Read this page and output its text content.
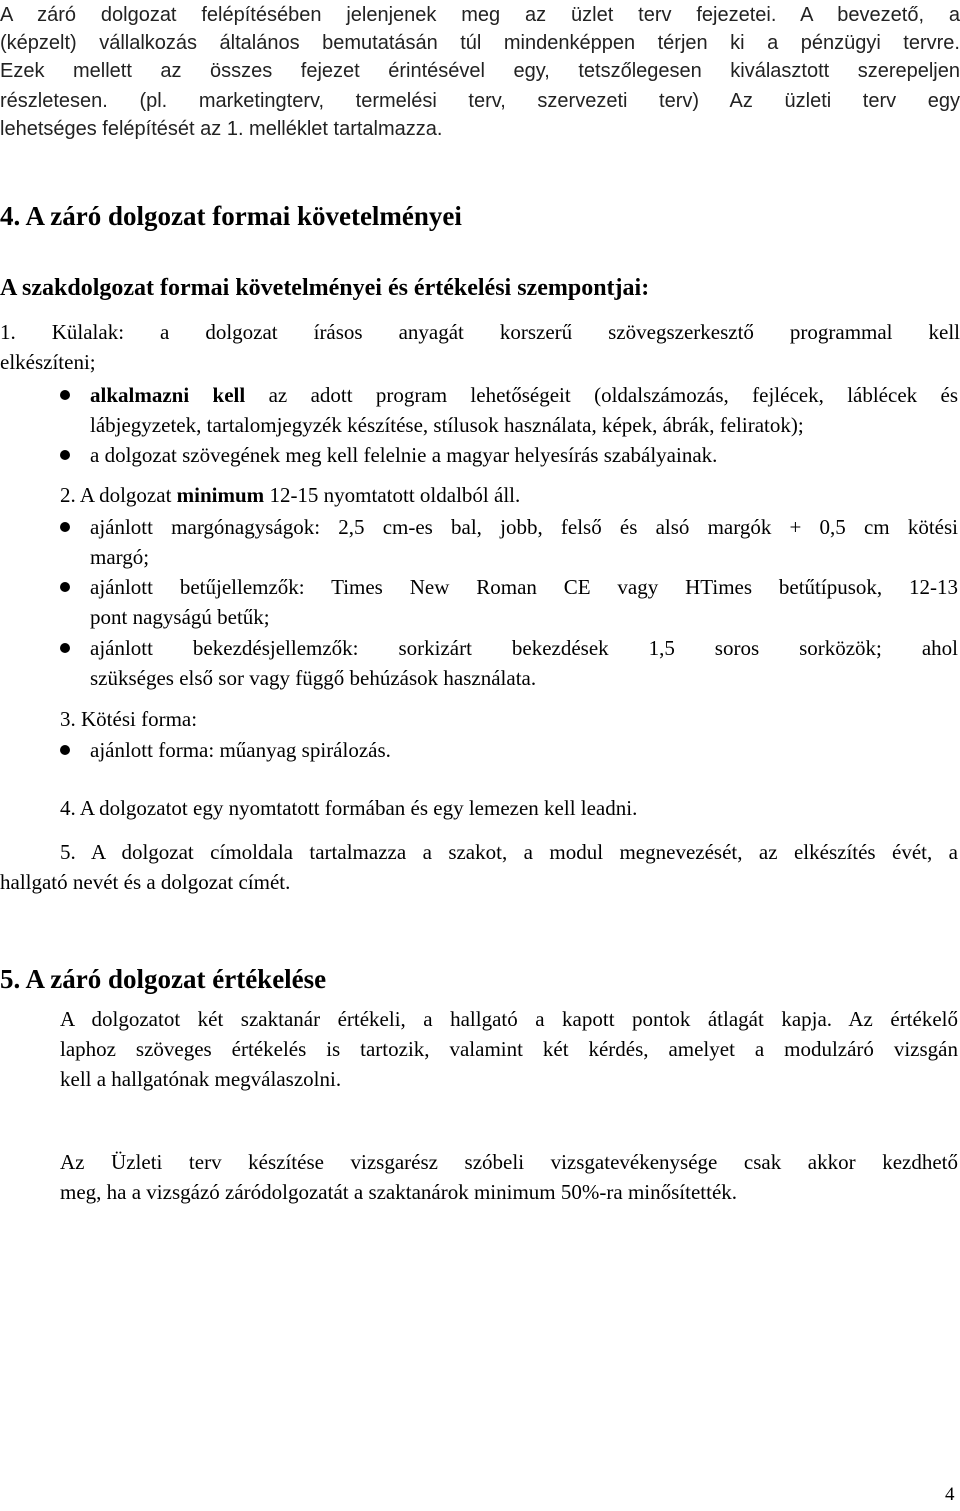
A záró dolgozat felépítésében jelenjenek meg az üzlet terv fejezetei. A bevezető, a
(képzelt) vállalkozás általános bemutatásán túl mindenképpen térjen ki a pénzügyi tervre.
Ezek mellett az összes fejezet érintésével egy, tetszőlegesen kiválasztott szerepeljen
részletesen. (pl. marketingterv, termelési terv, szervezeti terv) Az üzleti terv egy
lehetséges felépítését az 1. melléklet tartalmazza.
4. A záró dolgozat formai követelményei
A szakdolgozat formai követelményei és értékelési szempontjai:
1. Külalak: a dolgozat írásos anyagát korszerű szövegszerkesztő programmal kell
elkészíteni;
alkalmazni kell az adott program lehetőségeit (oldalszámozás, fejlécek, láblécek és
lábjegyzetek, tartalomjegyzék készítése, stílusok használata, képek, ábrák, feliratok);
a dolgozat szövegének meg kell felelnie a magyar helyesírás szabályainak.
2. A dolgozat minimum 12-15 nyomtatott oldalból áll.
ajánlott margónagyságok: 2,5 cm-es bal, jobb, felső és alsó margók + 0,5 cm kötési
margó;
ajánlott betűjellemzők: Times New Roman CE vagy HTimes betűtípusok, 12-13
pont nagyságú betűk;
ajánlott bekezdésjellemzők: sorkizárt bekezdések 1,5 soros sorközök; ahol
szükséges első sor vagy függő behúzások használata.
3. Kötési forma:
ajánlott forma: műanyag spirálozás.
4. A dolgozatot egy nyomtatott formában és egy lemezen kell leadni.
5. A dolgozat címoldala tartalmazza a szakot, a modul megnevezését, az elkészítés évét, a
hallgató nevét és a dolgozat címét.
5. A záró dolgozat értékelése
A dolgozatot két szaktanár értékeli, a hallgató a kapott pontok átlagát kapja. Az értékelő
laphoz szöveges értékelés is tartozik, valamint két kérdés, amelyet a modulzáró vizsgán
kell a hallgatónak megválaszolni.
Az Üzleti terv készítése vizsgarész szóbeli vizsgatevékenysége csak akkor kezdhető
meg, ha a vizsgázó záródolgozatát a szaktanárok minimum 50%-ra minősítették.
4
